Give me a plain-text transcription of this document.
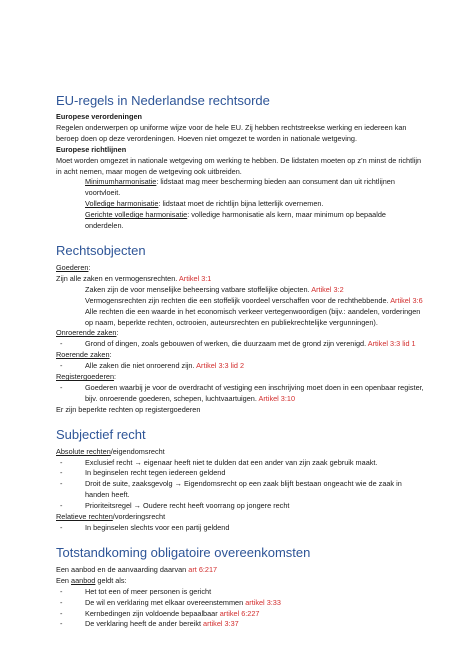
EU-regels in Nederlandse rechtsorde
Europese verordeningen
Regelen onderwerpen op uniforme wijze voor de hele EU. Zij hebben rechtstreekse werking en iedereen kan beroep doen op deze verordeningen. Hoeven niet omgezet te worden in nationale wetgeving.
Europese richtlijnen
Moet worden omgezet in nationale wetgeving om werking te hebben. De lidstaten moeten op z’n minst de richtlijn in acht nemen, maar mogen de wetgeving ook uitbreiden.
Minimumharmonisatie: lidstaat mag meer bescherming bieden aan consument dan uit richtlijnen voortvloeit.
Volledige harmonisatie: lidstaat moet de richtlijn bijna letterlijk overnemen.
Gerichte volledige harmonisatie: volledige harmonisatie als kern, maar minimum op bepaalde onderdelen.
Rechtsobjecten
Goederen:
Zijn alle zaken en vermogensrechten. Artikel 3:1
Zaken zijn de voor menselijke beheersing vatbare stoffelijke objecten. Artikel 3:2
Vermogensrechten zijn rechten die een stoffelijk voordeel verschaffen voor de rechthebbende. Artikel 3:6
Alle rechten die een waarde in het economisch verkeer vertegenwoordigen (bijv.: aandelen, vorderingen op naam, beperkte rechten, octrooien, auteursrechten en publiekrechtelijke vergunningen).
Onroerende zaken:
- Grond of dingen, zoals gebouwen of werken, die duurzaam met de grond zijn verenigd. Artikel 3:3 lid 1
Roerende zaken:
- Alle zaken die niet onroerend zijn. Artikel 3:3 lid 2
Registergoederen:
- Goederen waarbij je voor de overdracht of vestiging een inschrijving moet doen in een openbaar register, bijv. onroerende goederen, schepen, luchtvaartuigen. Artikel 3:10
Er zijn beperkte rechten op registergoederen
Subjectief recht
Absolute rechten/eigendomsrecht
- Exclusief recht → eigenaar heeft niet te dulden dat een ander van zijn zaak gebruik maakt.
- In beginselen recht tegen iedereen geldend
- Droit de suite, zaaksgevolg → Eigendomsrecht op een zaak blijft bestaan ongeacht wie de zaak in handen heeft.
- Prioriteitsregel → Oudere recht heeft voorrang op jongere recht
Relatieve rechten/vorderingsrecht
- In beginselen slechts voor een partij geldend
Totstandkoming obligatoire overeenkomsten
Een aanbod en de aanvaarding daarvan art 6:217
Een aanbod geldt als:
- Het tot een of meer personen is gericht
- De wil en verklaring met elkaar overeenstemmen artikel 3:33
- Kernbedingen zijn voldoende bepaalbaar artikel 6:227
- De verklaring heeft de ander bereikt artikel 3:37
